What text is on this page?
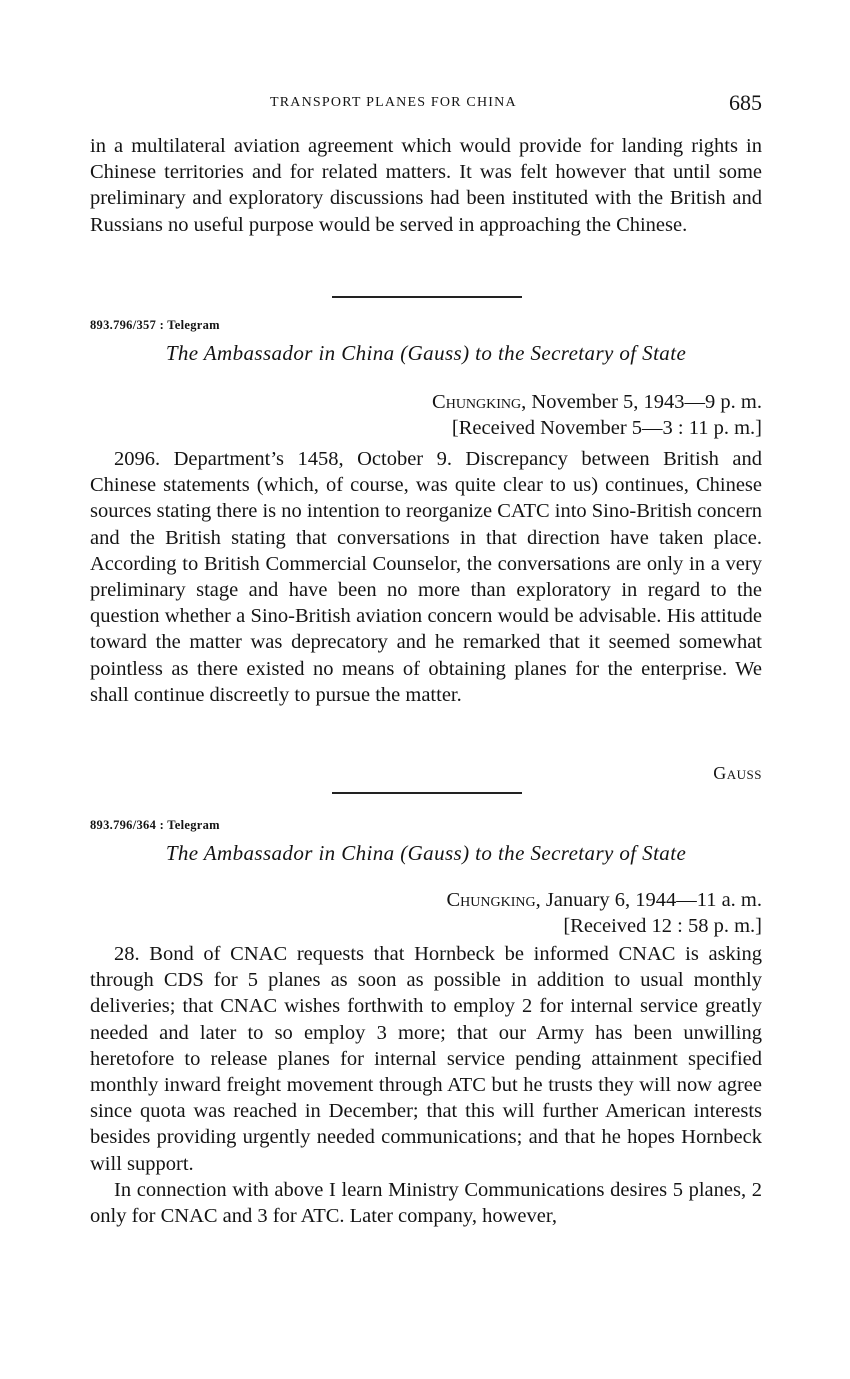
TRANSPORT PLANES FOR CHINA	685

in a multilateral aviation agreement which would provide for landing rights in Chinese territories and for related matters. It was felt however that until some preliminary and exploratory discussions had been instituted with the British and Russians no useful purpose would be served in approaching the Chinese.

893.796/357 : Telegram
The Ambassador in China (Gauss) to the Secretary of State
Chungking, November 5, 1943—9 p. m.
[Received November 5—3 : 11 p. m.]

2096. Department’s 1458, October 9. Discrepancy between British and Chinese statements (which, of course, was quite clear to us) continues, Chinese sources stating there is no intention to reorganize CATC into Sino-British concern and the British stating that conversations in that direction have taken place. According to British Commercial Counselor, the conversations are only in a very preliminary stage and have been no more than exploratory in regard to the question whether a Sino-British aviation concern would be advisable. His attitude toward the matter was deprecatory and he remarked that it seemed somewhat pointless as there existed no means of obtaining planes for the enterprise. We shall continue discreetly to pursue the matter.

Gauss
893.796/364 : Telegram
The Ambassador in China (Gauss) to the Secretary of State
Chungking, January 6, 1944—11 a. m.
[Received 12 : 58 p. m.]

28. Bond of CNAC requests that Hornbeck be informed CNAC is asking through CDS for 5 planes as soon as possible in addition to usual monthly deliveries; that CNAC wishes forthwith to employ 2 for internal service greatly needed and later to so employ 3 more; that our Army has been unwilling heretofore to release planes for internal service pending attainment specified monthly inward freight movement through ATC but he trusts they will now agree since quota was reached in December; that this will further American interests besides providing urgently needed communications; and that he hopes Hornbeck will support.

In connection with above I learn Ministry Communications desires 5 planes, 2 only for CNAC and 3 for ATC. Later company, however,
